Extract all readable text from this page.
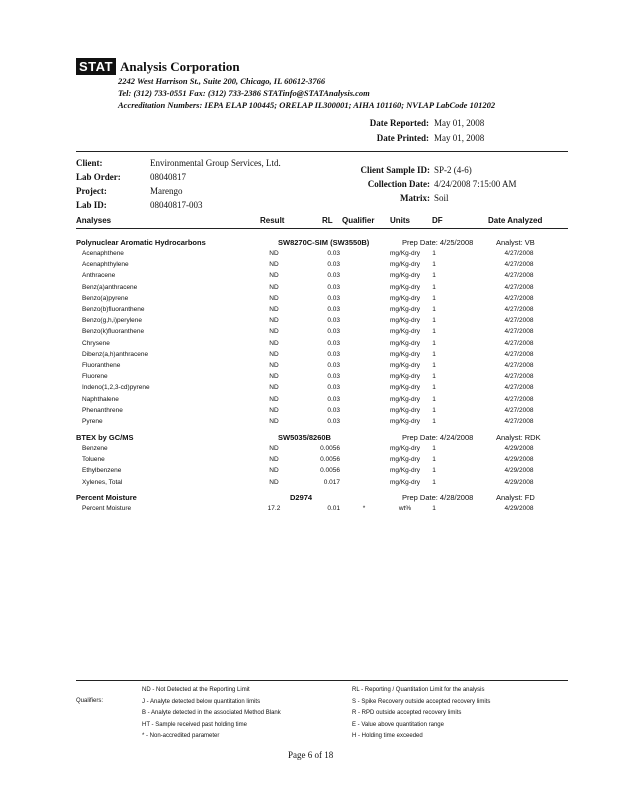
STAT Analysis Corporation
2242 West Harrison St., Suite 200, Chicago, IL 60612-3766
Tel: (312) 733-0551 Fax: (312) 733-2386 STATinfo@STATAnalysis.com
Accreditation Numbers: IEPA ELAP 100445; ORELAP IL300001; AIHA 101160; NVLAP LabCode 101202
Date Reported: May 01, 2008
Date Printed: May 01, 2008
Client:	Environmental Group Services, Ltd.
Lab Order:	08040817
Project:	Marengo
Lab ID:	08040817-003
Client Sample ID: SP-2 (4-6)
Collection Date: 4/24/2008 7:15:00 AM
Matrix: Soil
Analyses	Result	RL Qualifier Units	DF	Date Analyzed
Polynuclear Aromatic Hydrocarbons	SW8270C-SIM (SW3550B)	Prep Date: 4/25/2008	Analyst: VB
Acenaphthene	ND	0.03	mg/Kg-dry	1	4/27/2008
Acenaphthylene	ND	0.03	mg/Kg-dry	1	4/27/2008
Anthracene	ND	0.03	mg/Kg-dry	1	4/27/2008
Benz(a)anthracene	ND	0.03	mg/Kg-dry	1	4/27/2008
Benzo(a)pyrene	ND	0.03	mg/Kg-dry	1	4/27/2008
Benzo(b)fluoranthene	ND	0.03	mg/Kg-dry	1	4/27/2008
Benzo(g,h,i)perylene	ND	0.03	mg/Kg-dry	1	4/27/2008
Benzo(k)fluoranthene	ND	0.03	mg/Kg-dry	1	4/27/2008
Chrysene	ND	0.03	mg/Kg-dry	1	4/27/2008
Dibenz(a,h)anthracene	ND	0.03	mg/Kg-dry	1	4/27/2008
Fluoranthene	ND	0.03	mg/Kg-dry	1	4/27/2008
Fluorene	ND	0.03	mg/Kg-dry	1	4/27/2008
Indeno(1,2,3-cd)pyrene	ND	0.03	mg/Kg-dry	1	4/27/2008
Naphthalene	ND	0.03	mg/Kg-dry	1	4/27/2008
Phenanthrene	ND	0.03	mg/Kg-dry	1	4/27/2008
Pyrene	ND	0.03	mg/Kg-dry	1	4/27/2008
BTEX by GC/MS	SW5035/8260B	Prep Date: 4/24/2008	Analyst: RDK
Benzene	ND	0.0056	mg/Kg-dry	1	4/29/2008
Toluene	ND	0.0056	mg/Kg-dry	1	4/29/2008
Ethylbenzene	ND	0.0056	mg/Kg-dry	1	4/29/2008
Xylenes, Total	ND	0.017	mg/Kg-dry	1	4/29/2008
Percent Moisture	D2974	Prep Date: 4/28/2008	Analyst: FD
Percent Moisture	17.2	0.01	*	wt%	1	4/29/2008
Qualifiers:
ND - Not Detected at the Reporting Limit
J - Analyte detected below quantitation limits
B - Analyte detected in the associated Method Blank
HT - Sample received past holding time
* - Non-accredited parameter
RL - Reporting / Quantitation Limit for the analysis
S - Spike Recovery outside accepted recovery limits
R - RPD outside accepted recovery limits
E - Value above quantitation range
H - Holding time exceeded
Page 6 of 18
